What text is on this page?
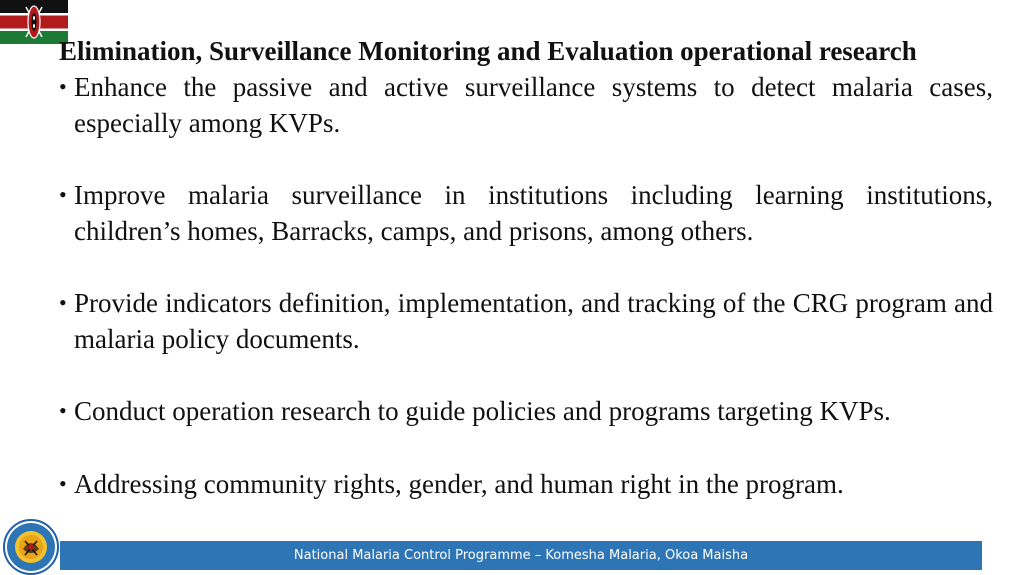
Elimination, Surveillance Monitoring and Evaluation operational research

• Enhance the passive and active surveillance systems to detect malaria cases, especially among KVPs.
• Improve malaria surveillance in institutions including learning institutions, children’s homes, Barracks, camps, and prisons, among others.
• Provide indicators definition, implementation, and tracking of the CRG program and malaria policy documents.
• Conduct operation research to guide policies and programs targeting KVPs.
• Addressing community rights, gender, and human right in the program.
National Malaria Control Programme – Komesha Malaria, Okoa Maisha
